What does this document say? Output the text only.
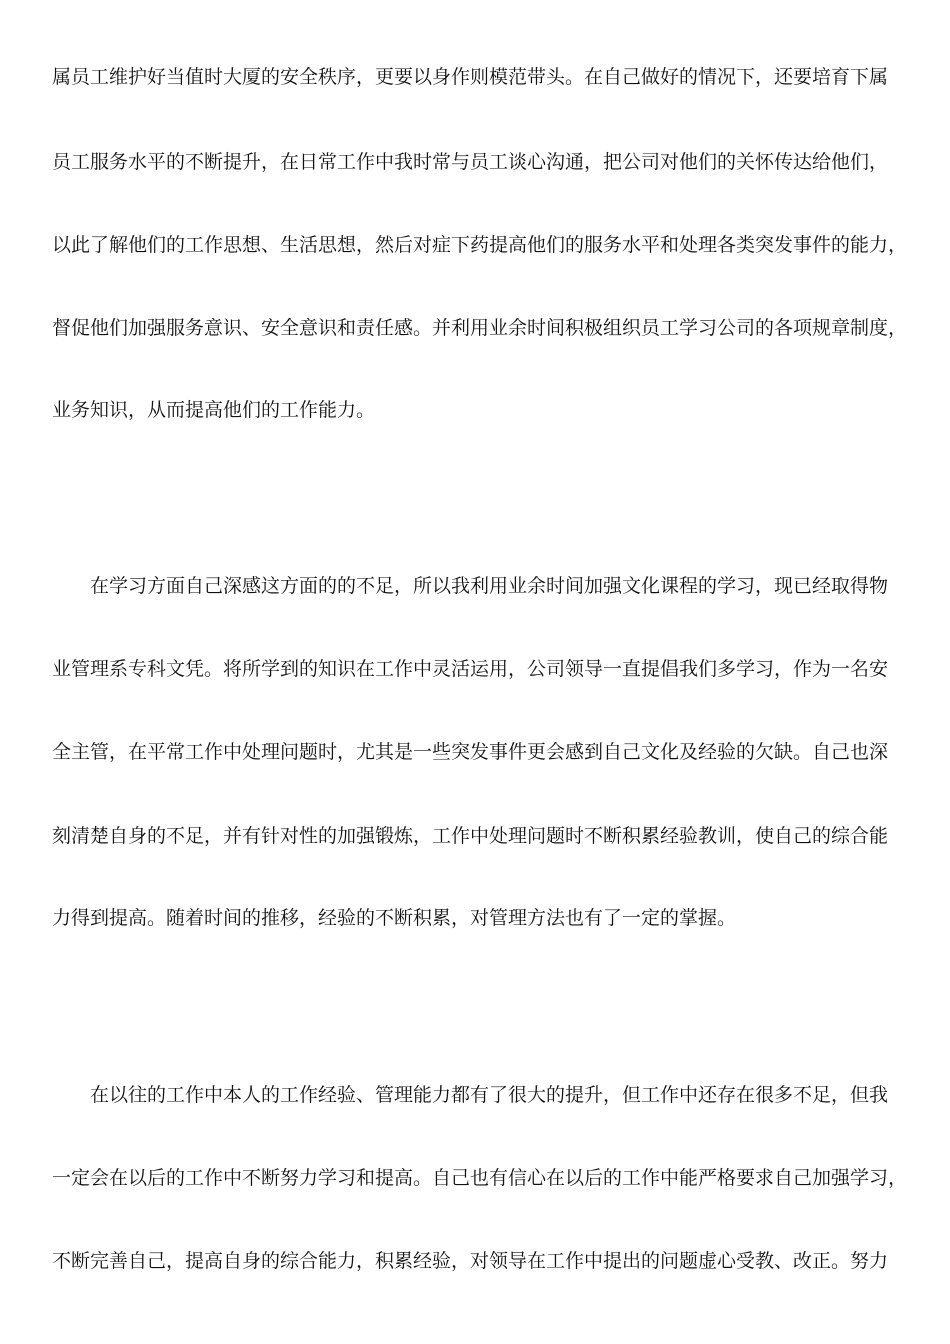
属员工维护好当值时大厦的安全秩序，更要以身作则模范带头。在自己做好的情况下，还要培育下属
员工服务水平的不断提升，在日常工作中我时常与员工谈心沟通，把公司对他们的关怀传达给他们，
以此了解他们的工作思想、生活思想，然后对症下药提高他们的服务水平和处理各类突发事件的能力，
督促他们加强服务意识、安全意识和责任感。并利用业余时间积极组织员工学习公司的各项规章制度，
业务知识，从而提高他们的工作能力。
在学习方面自己深感这方面的的不足，所以我利用业余时间加强文化课程的学习，现已经取得物
业管理系专科文凭。将所学到的知识在工作中灵活运用，公司领导一直提倡我们多学习，作为一名安
全主管，在平常工作中处理问题时，尤其是一些突发事件更会感到自己文化及经验的欠缺。自己也深
刻清楚自身的不足，并有针对性的加强锻炼，工作中处理问题时不断积累经验教训，使自己的综合能
力得到提高。随着时间的推移，经验的不断积累，对管理方法也有了一定的掌握。
在以往的工作中本人的工作经验、管理能力都有了很大的提升，但工作中还存在很多不足，但我
一定会在以后的工作中不断努力学习和提高。自己也有信心在以后的工作中能严格要求自己加强学习，
不断完善自己，提高自身的综合能力，积累经验，对领导在工作中提出的问题虚心受教、改正。努力
